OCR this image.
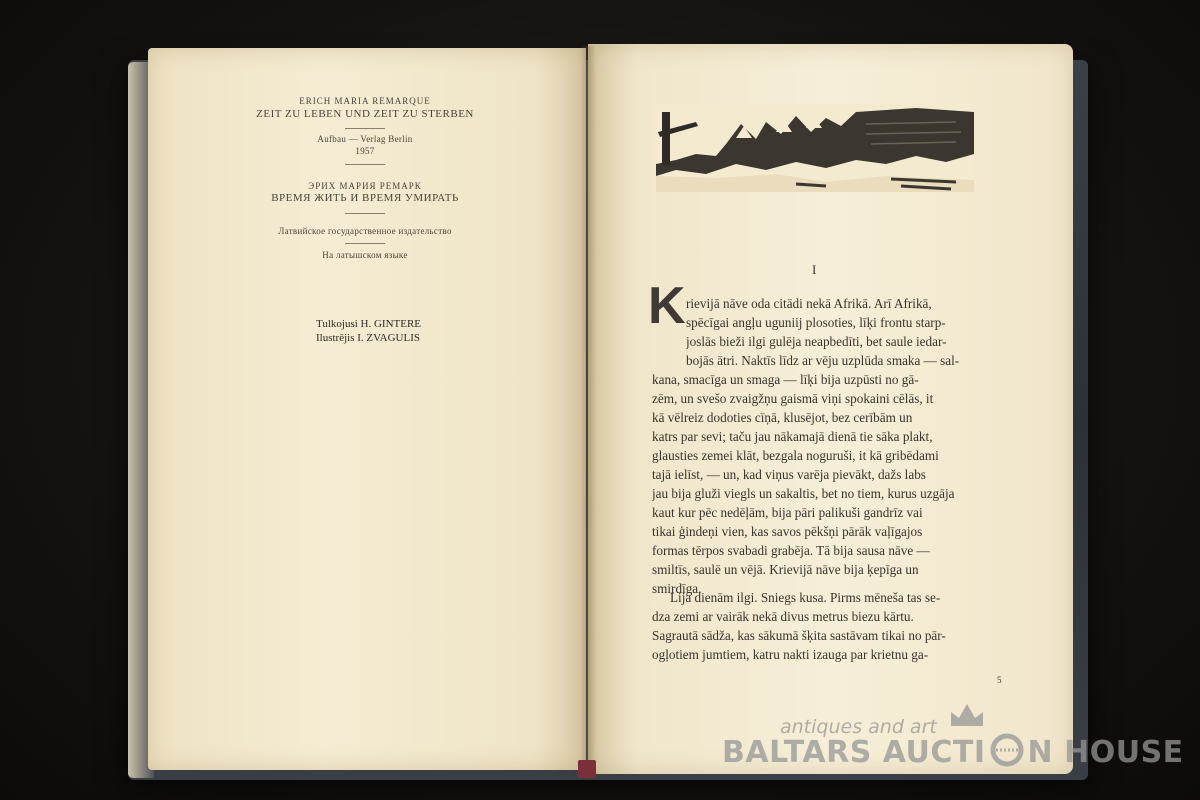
ERICH MARIA REMARQUE
ZEIT ZU LEBEN UND ZEIT ZU STERBEN
Aufbau — Verlag Berlin
1957
ЭРИХ МАРИЯ РЕМАРК
ВРЕМЯ ЖИТЬ И ВРЕМЯ УМИРАТЬ
Латвийское государственное издательство
На латышском языке
Tulkojusi H. GINTERE
Ilustrējis I. ZVAGULIS
I
K rievijā nāve oda citādi nekā Afrikā. Arī Afrikā,
spēcīgai angļu uguniij plosoties, līķi frontu starp-
joslās bieži ilgi gulēja neapbedīti, bet saule iedar-
bojās ātri. Naktīs līdz ar vēju uzplūda smaka — sal-
kana, smacīga un smaga — līķi bija uzpūsti no gā-
zēm, un svešo zvaigžņu gaismā viņi spokaini cēlās, it
kā vēlreiz dodoties cīņā, klusējot, bez cerībām un
katrs par sevi; taču jau nākamajā dienā tie sāka plakt,
glausties zemei klāt, bezgala noguruši, it kā gribēdami
tajā ielīst, — un, kad viņus varēja pievākt, dažs labs
jau bija gluži viegls un sakaltis, bet no tiem, kurus uzgāja
kaut kur pēc nedēļām, bija pāri palikuši gandrīz vai
tikai ģindeņi vien, kas savos pēkšņi pārāk vaļīgajos
formas tērpos svabadi grabēja. Tā bija sausa nāve —
smiltīs, saulē un vējā. Krievijā nāve bija ķepīga un
smirdīga.
Lija dienām ilgi. Sniegs kusa. Pirms mēneša tas se-
dza zemi ar vairāk nekā divus metrus biezu kārtu.
Sagrautā sādža, kas sākumā šķita sastāvam tikai no pār-
ogļotiem jumtiem, katru nakti izauga par krietnu ga-
5
antiques and art
BALTARS AUCTI N HOUSE
